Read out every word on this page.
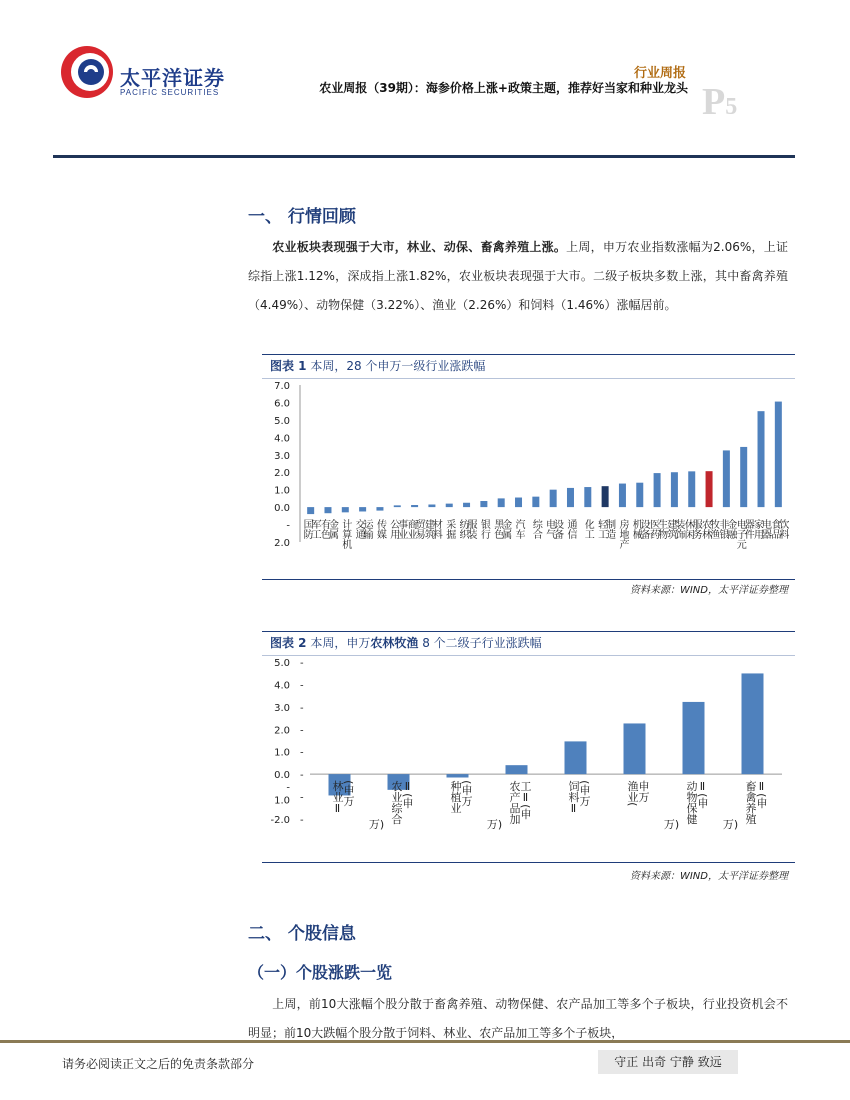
太平洋证券
PACIFIC SECURITIES
行业周报
农业周报（39期）：海参价格上涨+政策主题，推荐好当家和种业龙头 P5
一、 行情回顾
农业板块表现强于大市，林业、动保、畜禽养殖上涨。上周，申万农业指数涨幅为2.06%，上证综指上涨1.12%，深成指上涨1.82%，农业板块表现强于大市。二级子板块多数上涨，其中畜禽养殖（4.49%）、动物保健（3.22%）、渔业（2.26%）和饲料（1.46%）涨幅居前。
图表 1 本周，28 个申万一级行业涨跌幅
7.0
6.0
5.0
4.0
3.0
2.0
1.0
0.0
-
2.0
国防
军工
有色
金属 计算机 交通
运输 传媒 公用
事业
商业
贸易
建筑
材料 采掘 纺织
服装 银行 黑色
金属 汽车 综合 电气
设备 通信 化工 轻工
制造 房地产 机械
设备
医药
生物
建筑
装饰
休闲
服务
农林
牧渔
非银
金融
电子元
器件
家用
电器
食品
饮料
资料来源：WIND，太平洋证券整理
图表 2 本周，申万农林牧渔 8 个二级子行业涨跌幅
5.0 -
4.0 -
3.0 -
2.0 -
1.0 -
0.0 -
-
1.0 -
-2.0 -
林业Ⅱ
(申万	农业综合
Ⅱ(申
万)
种植业
(申万	农产品加
工Ⅱ(申
万)
饲料Ⅱ
(申万	渔业(
申万	动物保健
Ⅱ(申
万)
畜禽养殖
Ⅱ(申
万)
资料来源：WIND，太平洋证券整理
二、 个股信息
（一）个股涨跌一览
上周，前10大涨幅个股分散于畜禽养殖、动物保健、农产品加工等多个子板块，行业投资机会不明显；前10大跌幅个股分散于饲料、林业、农产品加工等多个子板块，
请务必阅读正文之后的免责条款部分	守正 出奇 宁静 致远
